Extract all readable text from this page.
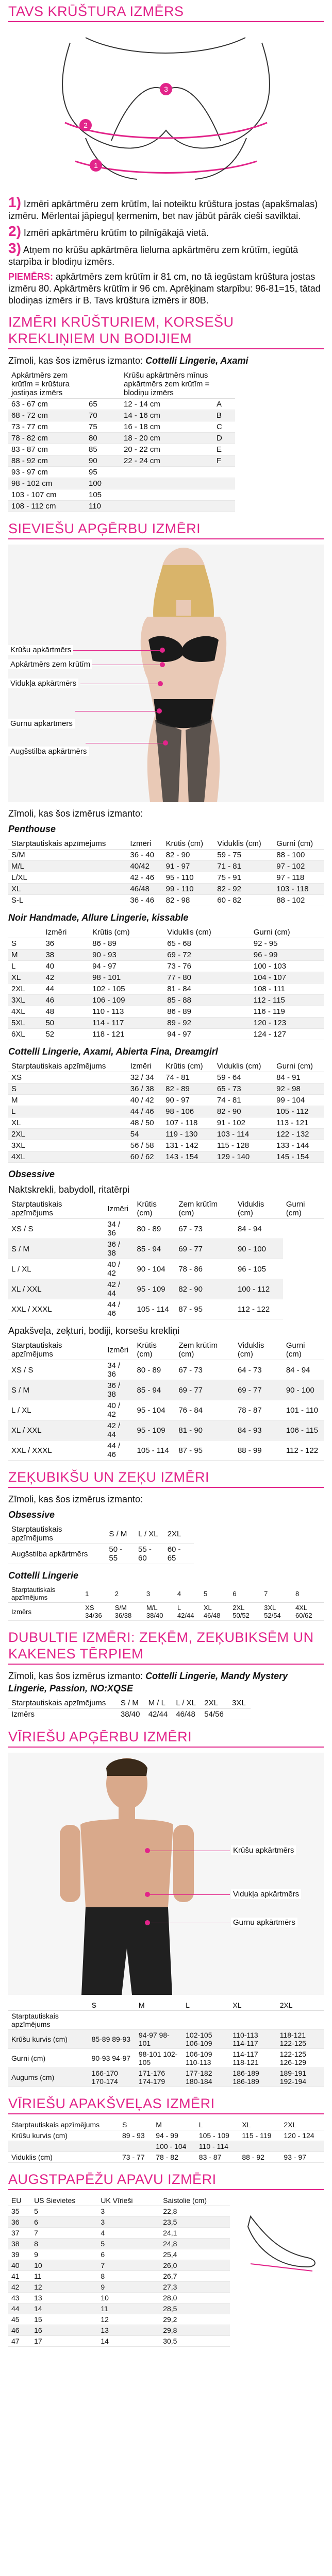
TAVS KRŪŠTURA IZMĒRS
3
2
1

1) Izmēri apkārtmēru zem krūtīm, lai noteiktu krūštura jostas (apakšmalas) izmēru. Mērlentai jāpieguļ ķermenim, bet nav jābūt pārāk cieši savilktai.

2) Izmēri apkārtmēru krūtīm to pilnīgākajā vietā.

3) Atņem no krūšu apkārtmēra lieluma apkārtmēru zem krūtīm, iegūtā starpība ir blodiņu izmērs.

PIEMĒRS: apkārtmērs zem krūtīm ir 81 cm, no tā iegūstam krūštura jostas izmēru 80. Apkārtmērs krūtīm ir 96 cm. Aprēķinam starpību: 96-81=15, tātad blodiņas izmērs ir B. Tavs krūštura izmērs ir 80B.

IZMĒRI KRŪŠTURIEM, KORSEŠU KREKLIŅIEM UN BODIJIEM

Zīmoli, kas šos izmērus izmanto: Cottelli Lingerie, Axami

Apkārtmērs zem krūtīm = krūštura jostiņas izmērs		Krūšu apkārtmērs mīnus apkārtmērs zem krūtīm = blodiņu izmērs	
63 - 67 cm	65	12 - 14 cm	A
68 - 72 cm	70	14 - 16 cm	B
73 - 77 cm	75	16 - 18 cm	C
78 - 82 cm	80	18 - 20 cm	D
83 - 87 cm	85	20 - 22 cm	E
88 - 92 cm	90	22 - 24 cm	F
93 - 97 cm	95		
98 - 102 cm	100		
103 - 107 cm	105		
108 - 112 cm	110		
SIEVIEŠU APĢĒRBU IZMĒRI
Krūšu apkārtmērs
Apkārtmērs zem krūtīm
Vidukļa apkārtmērs
Gurnu apkārtmērs
Augšstilba apkārtmērs

Zīmoli, kas šos izmērus izmanto:

Penthouse

Starptautiskais apzīmējums	Izmēri	Krūtis (cm)	Viduklis (cm)	Gurni (cm)
S/M	36 - 40	82 - 90	59 - 75	88 - 100
M/L	40/42	91 - 97	71 - 81	97 - 102
L/XL	42 - 46	95 - 110	75 - 91	97 - 118
XL	46/48	99 - 110	82 - 92	103 - 118
S-L	36 - 46	82 - 98	60 - 82	88 - 102

Noir Handmade, Allure Lingerie, kissable

	Izmēri	Krūtis (cm)	Viduklis (cm)	Gurni (cm)
S	36	86 - 89	65 - 68	92 - 95
M	38	90 - 93	69 - 72	96 - 99
L	40	94 - 97	73 - 76	100 - 103
XL	42	98 - 101	77 - 80	104 - 107
2XL	44	102 - 105	81 - 84	108 - 111
3XL	46	106 - 109	85 - 88	112 - 115
4XL	48	110 - 113	86 - 89	116 - 119
5XL	50	114 - 117	89 - 92	120 - 123
6XL	52	118 - 121	94 - 97	124 - 127

Cottelli Lingerie, Axami, Abierta Fina, Dreamgirl

Starptautiskais apzīmējums	Izmēri	Krūtis (cm)	Viduklis (cm)	Gurni (cm)
XS	32 / 34	74 - 81	59 - 64	84 - 91
S	36 / 38	82 - 89	65 - 73	92 - 98
M	40 / 42	90 - 97	74 - 81	99 - 104
L	44 / 46	98 - 106	82 - 90	105 - 112
XL	48 / 50	107 - 118	91 - 102	113 - 121
2XL	54	119 - 130	103 - 114	122 - 132
3XL	56 / 58	131 - 142	115 - 128	133 - 144
4XL	60 / 62	143 - 154	129 - 140	145 - 154

Obsessive

Naktskrekli, babydoll, ritatērpi

Starptautiskais apzīmējums	Izmēri	Krūtis (cm)	Zem krūtīm (cm)	Viduklis (cm)	Gurni (cm)
XS / S	34 / 36	80 - 89	67 - 73	84 - 94	
S / M	36 / 38	85 - 94	69 - 77	90 - 100	
L / XL	40 / 42	90 - 104	78 - 86	96 - 105	
XL / XXL	42 / 44	95 - 109	82 - 90	100 - 112	
XXL / XXXL	44 / 46	105 - 114	87 - 95	112 - 122	

Apakšveļa, zeķturi, bodiji, korsešu krekliņi

Starptautiskais apzīmējums	Izmēri	Krūtis (cm)	Zem krūtīm (cm)	Viduklis (cm)	Gurni (cm)
XS / S	34 / 36	80 - 89	67 - 73	64 - 73	84 - 94
S / M	36 / 38	85 - 94	69 - 77	69 - 77	90 - 100
L / XL	40 / 42	95 - 104	76 - 84	78 - 87	101 - 110
XL / XXL	42 / 44	95 - 109	81 - 90	84 - 93	106 - 115
XXL / XXXL	44 / 46	105 - 114	87 - 95	88 - 99	112 - 122
ZEĶUBIKŠU UN ZEĶU IZMĒRI

Zīmoli, kas šos izmērus izmanto:

Obsessive

Starptautiskais apzīmējums	S / M	L / XL	2XL
Augšstilba apkārtmērs	50 - 55	55 - 60	60 - 65

Cottelli Lingerie

Starptautiskais apzīmējums	1	2	3	4	5	6	7	8
Izmērs	XS 34/36	S/M 36/38	M/L 38/40	L 42/44	XL 46/48	2XL 50/52	3XL 52/54	4XL 60/62
DUBULTIE IZMĒRI: ZEĶĒM, ZEĶUBIKSĒM UN KAKENES TĒRPIEM

Zīmoli, kas šos izmērus izmanto: Cottelli Lingerie, Mandy Mystery Lingerie, Passion, NO:XQSE

Starptautiskais apzīmējums	S / M	M / L	L / XL	2XL	3XL
Izmērs	38/40	42/44	46/48	54/56	
VĪRIEŠU APĢĒRBU IZMĒRI
Krūšu apkārtmērs
Vidukļa apkārtmērs
Gurnu apkārtmērs
	S	M	L	XL	2XL
Starptautiskais apzīmējums					
Krūšu kurvis (cm)	85-89 89-93	94-97 98-101	102-105 106-109	110-113 114-117	118-121 122-125
Gurni (cm)	90-93 94-97	98-101 102-105	106-109 110-113	114-117 118-121	122-125 126-129
Augums (cm)	166-170 170-174	171-176 174-179	177-182 180-184	186-189 186-189	189-191 192-194
VĪRIEŠU APAKŠVEĻAS IZMĒRI
Starptautiskais apzīmējums	S	M	L	XL	2XL
Krūšu kurvis (cm)	89 - 93	94 - 99	105 - 109	115 - 119	120 - 124
		100 - 104	110 - 114		
Viduklis (cm)	73 - 77	78 - 82	83 - 87	88 - 92	93 - 97
AUGSTPAPĒŽU APAVU IZMĒRI
EU	US Sievietes	UK Vīrieši		Saistoliе (cm)
35	5	3		22,8
36	6	3		23,5
37	7	4		24,1
38	8	5		24,8
39	9	6		25,4
40	10	7		26,0
41	11	8		26,7
42	12	9		27,3
43	13	10		28,0
44	14	11		28,5
45	15	12		29,2
46	16	13		29,8
47	17	14		30,5
